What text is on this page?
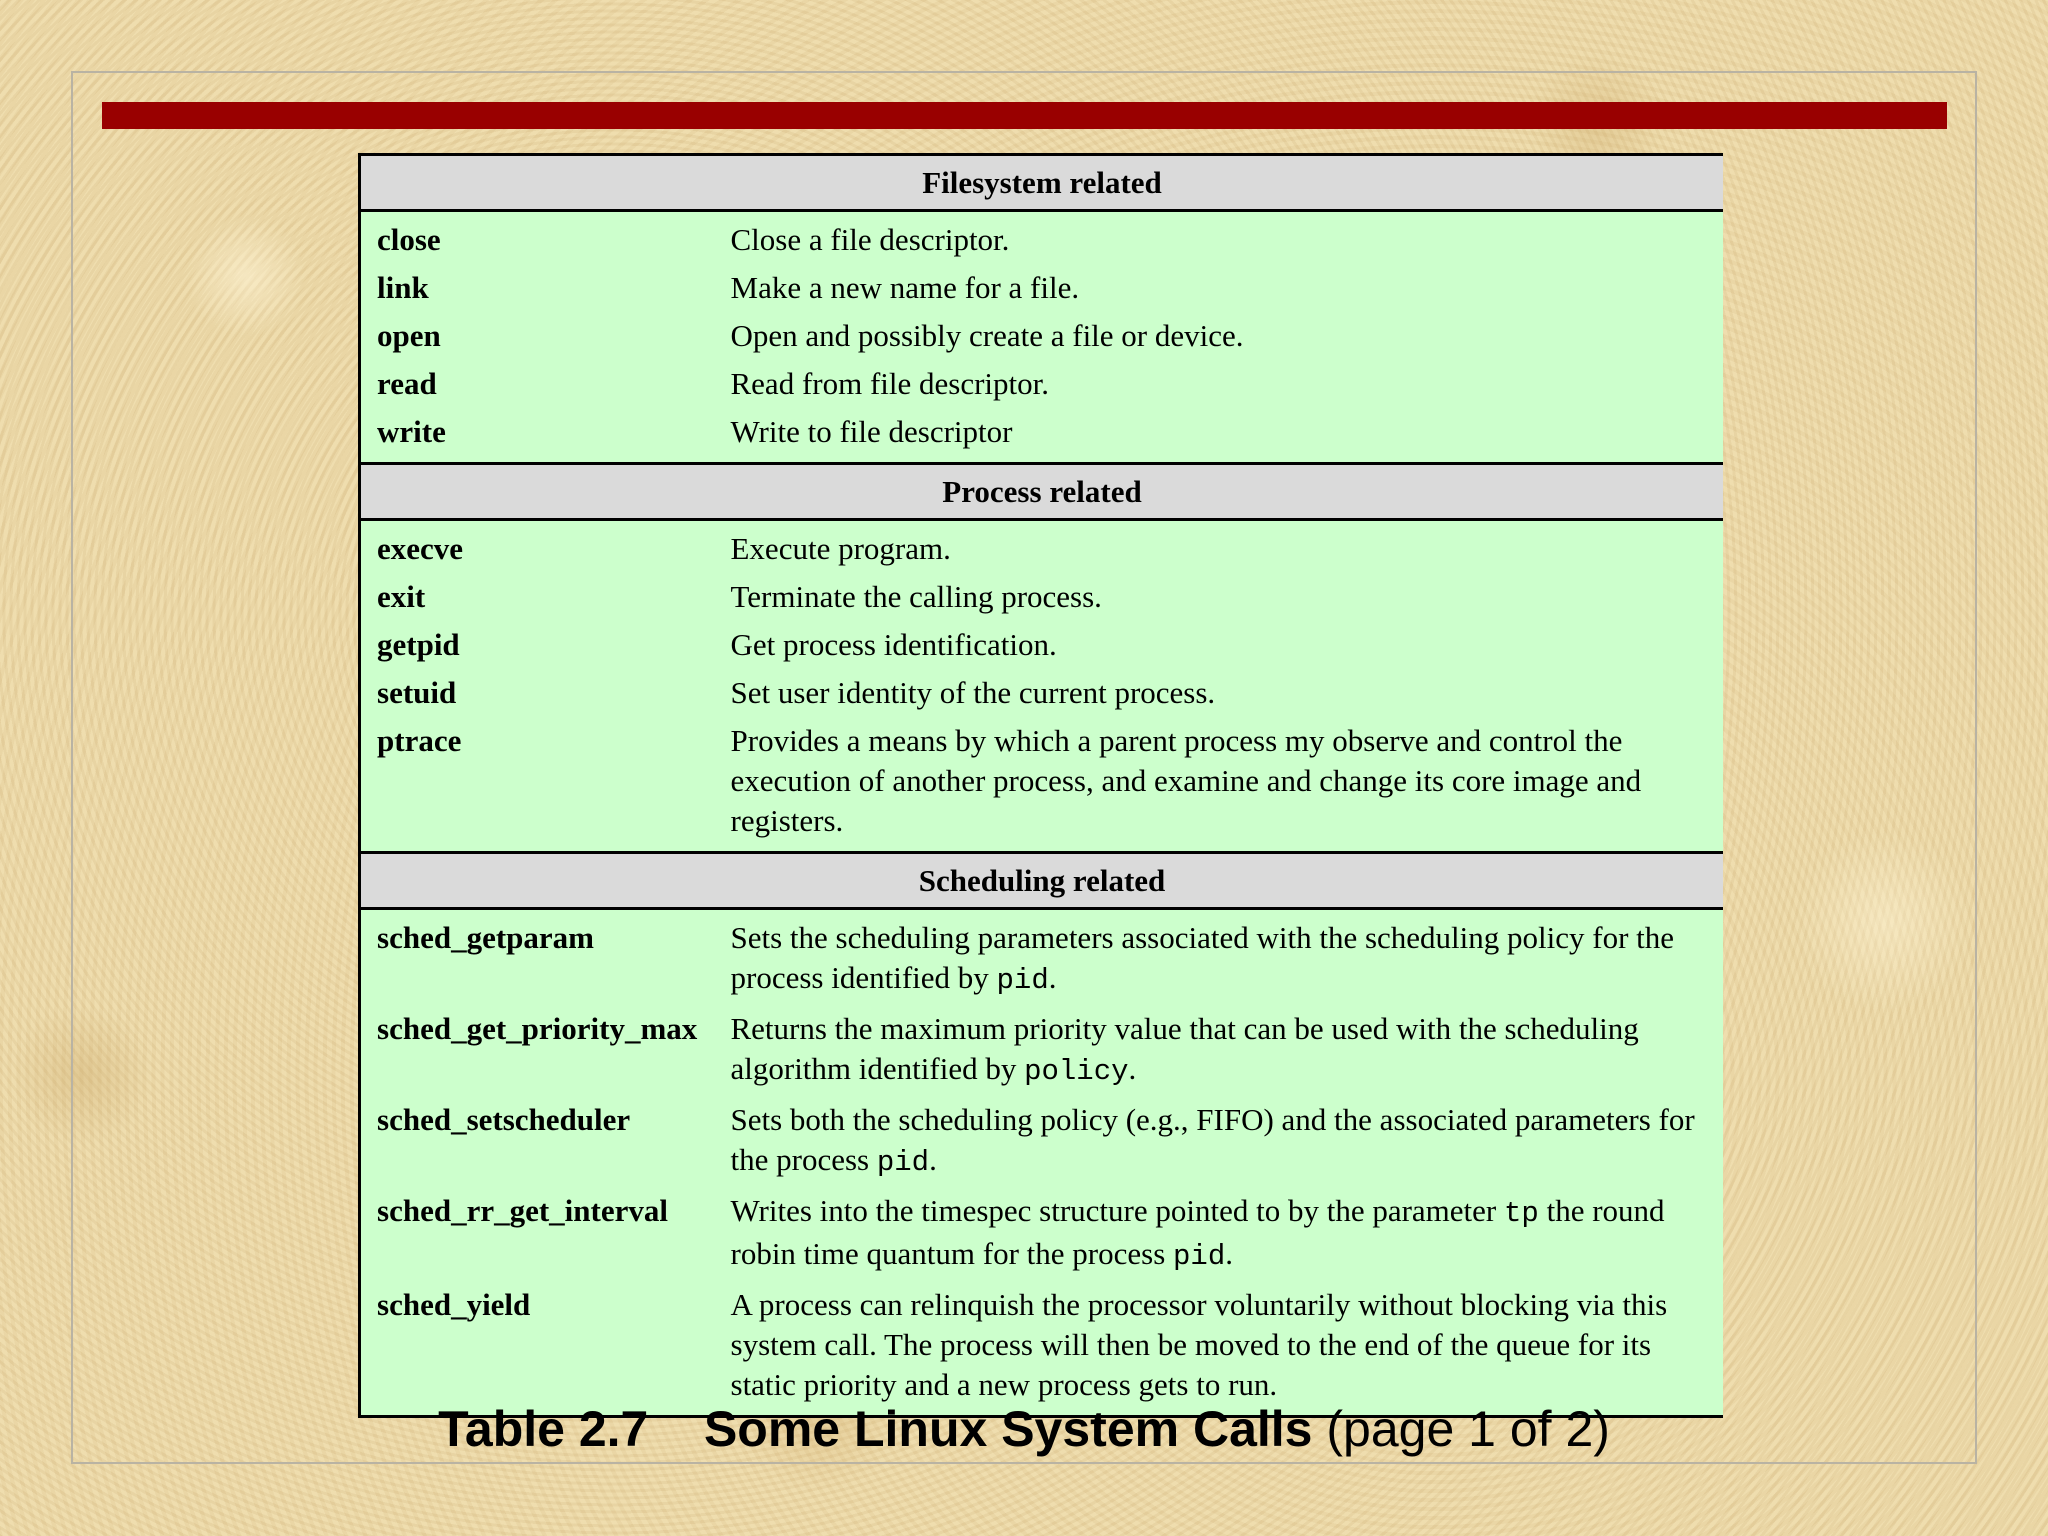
Filesystem related	
close	Close a file descriptor.
link	Make a new name for a file.
open	Open and possibly create a file or device.
read	Read from file descriptor.
write	Write to file descriptor
Process related	
execve	Execute program.
exit	Terminate the calling process.
getpid	Get process identification.
setuid	Set user identity of the current process.
ptrace	Provides a means by which a parent process my observe and control the execution of another process, and examine and change its core image and registers.
Scheduling related	
sched_getparam	Sets the scheduling parameters associated with the scheduling policy for the process identified by pid.
sched_get_priority_max	Returns the maximum priority value that can be used with the scheduling algorithm identified by policy.
sched_setscheduler	Sets both the scheduling policy (e.g., FIFO) and the associated parameters for the process pid.
sched_rr_get_interval	Writes into the timespec structure pointed to by the parameter tp the round robin time quantum for the process pid.
sched_yield	A process can relinquish the processor voluntarily without blocking via this system call. The process will then be moved to the end of the queue for its static priority and a new process gets to run.
Table 2.7 Some Linux System Calls (page 1 of 2)
